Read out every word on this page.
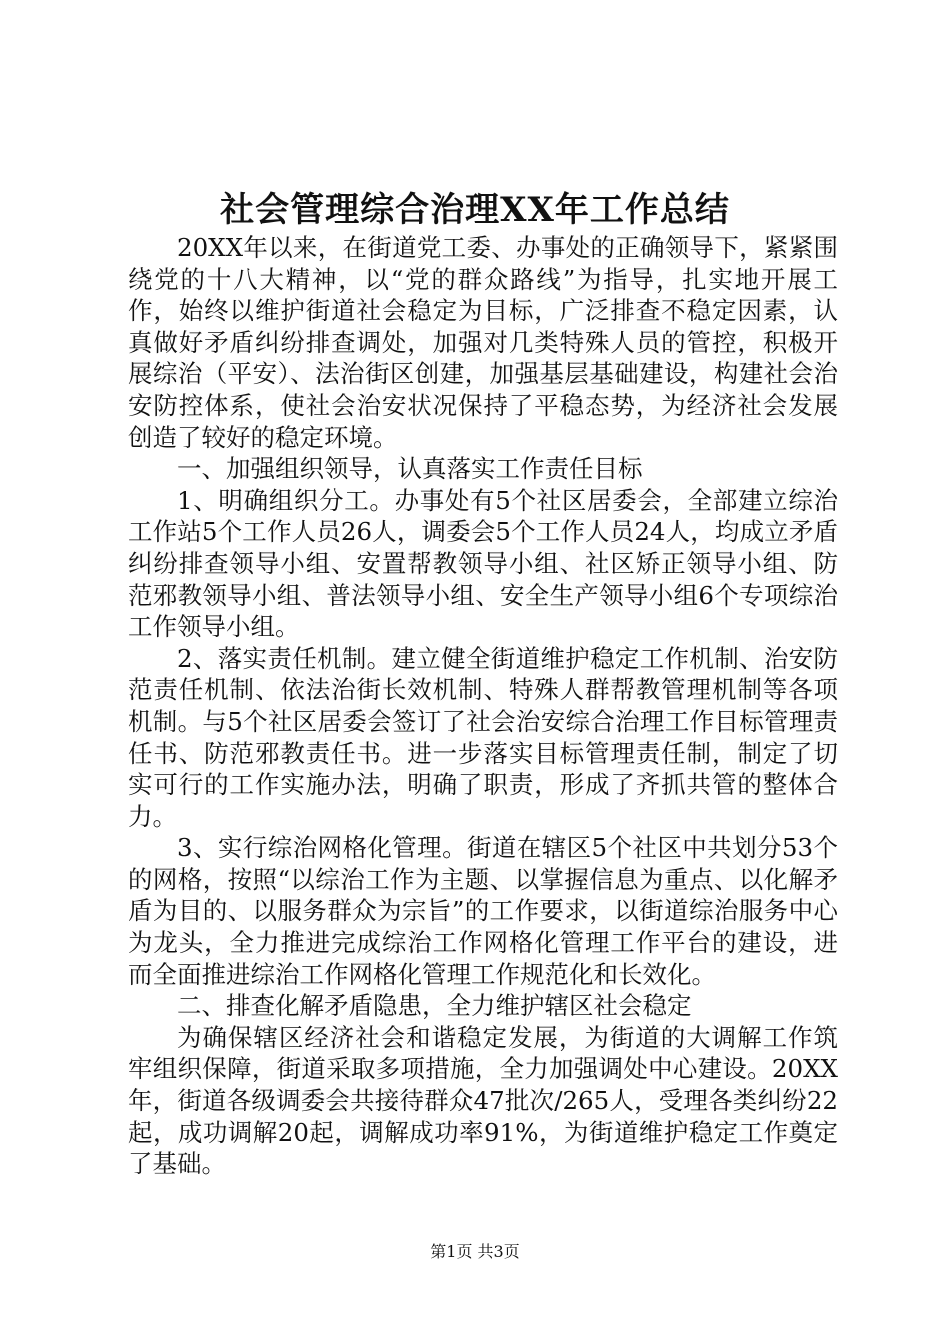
社会管理综合治理XX年工作总结

20XX年以来，在街道党工委、办事处的正确领导下，紧紧围绕党的十八大精神，以“党的群众路线”为指导，扎实地开展工作，始终以维护街道社会稳定为目标，广泛排查不稳定因素，认真做好矛盾纠纷排查调处，加强对几类特殊人员的管控，积极开展综治（平安）、法治街区创建，加强基层基础建设，构建社会治安防控体系，使社会治安状况保持了平稳态势，为经济社会发展创造了较好的稳定环境。

一、加强组织领导，认真落实工作责任目标

1、明确组织分工。办事处有5个社区居委会，全部建立综治工作站5个工作人员26人，调委会5个工作人员24人，均成立矛盾纠纷排查领导小组、安置帮教领导小组、社区矫正领导小组、防范邪教领导小组、普法领导小组、安全生产领导小组6个专项综治工作领导小组。

2、落实责任机制。建立健全街道维护稳定工作机制、治安防范责任机制、依法治街长效机制、特殊人群帮教管理机制等各项机制。与5个社区居委会签订了社会治安综合治理工作目标管理责任书、防范邪教责任书。进一步落实目标管理责任制，制定了切实可行的工作实施办法，明确了职责，形成了齐抓共管的整体合力。

3、实行综治网格化管理。街道在辖区5个社区中共划分53个的网格，按照“以综治工作为主题、以掌握信息为重点、以化解矛盾为目的、以服务群众为宗旨”的工作要求，以街道综治服务中心为龙头，全力推进完成综治工作网格化管理工作平台的建设，进而全面推进综治工作网格化管理工作规范化和长效化。

二、排查化解矛盾隐患，全力维护辖区社会稳定

为确保辖区经济社会和谐稳定发展，为街道的大调解工作筑牢组织保障，街道采取多项措施，全力加强调处中心建设。20XX年，街道各级调委会共接待群众47批次/265人，受理各类纠纷22起，成功调解20起，调解成功率91%，为街道维护稳定工作奠定了基础。

第1页 共3页
